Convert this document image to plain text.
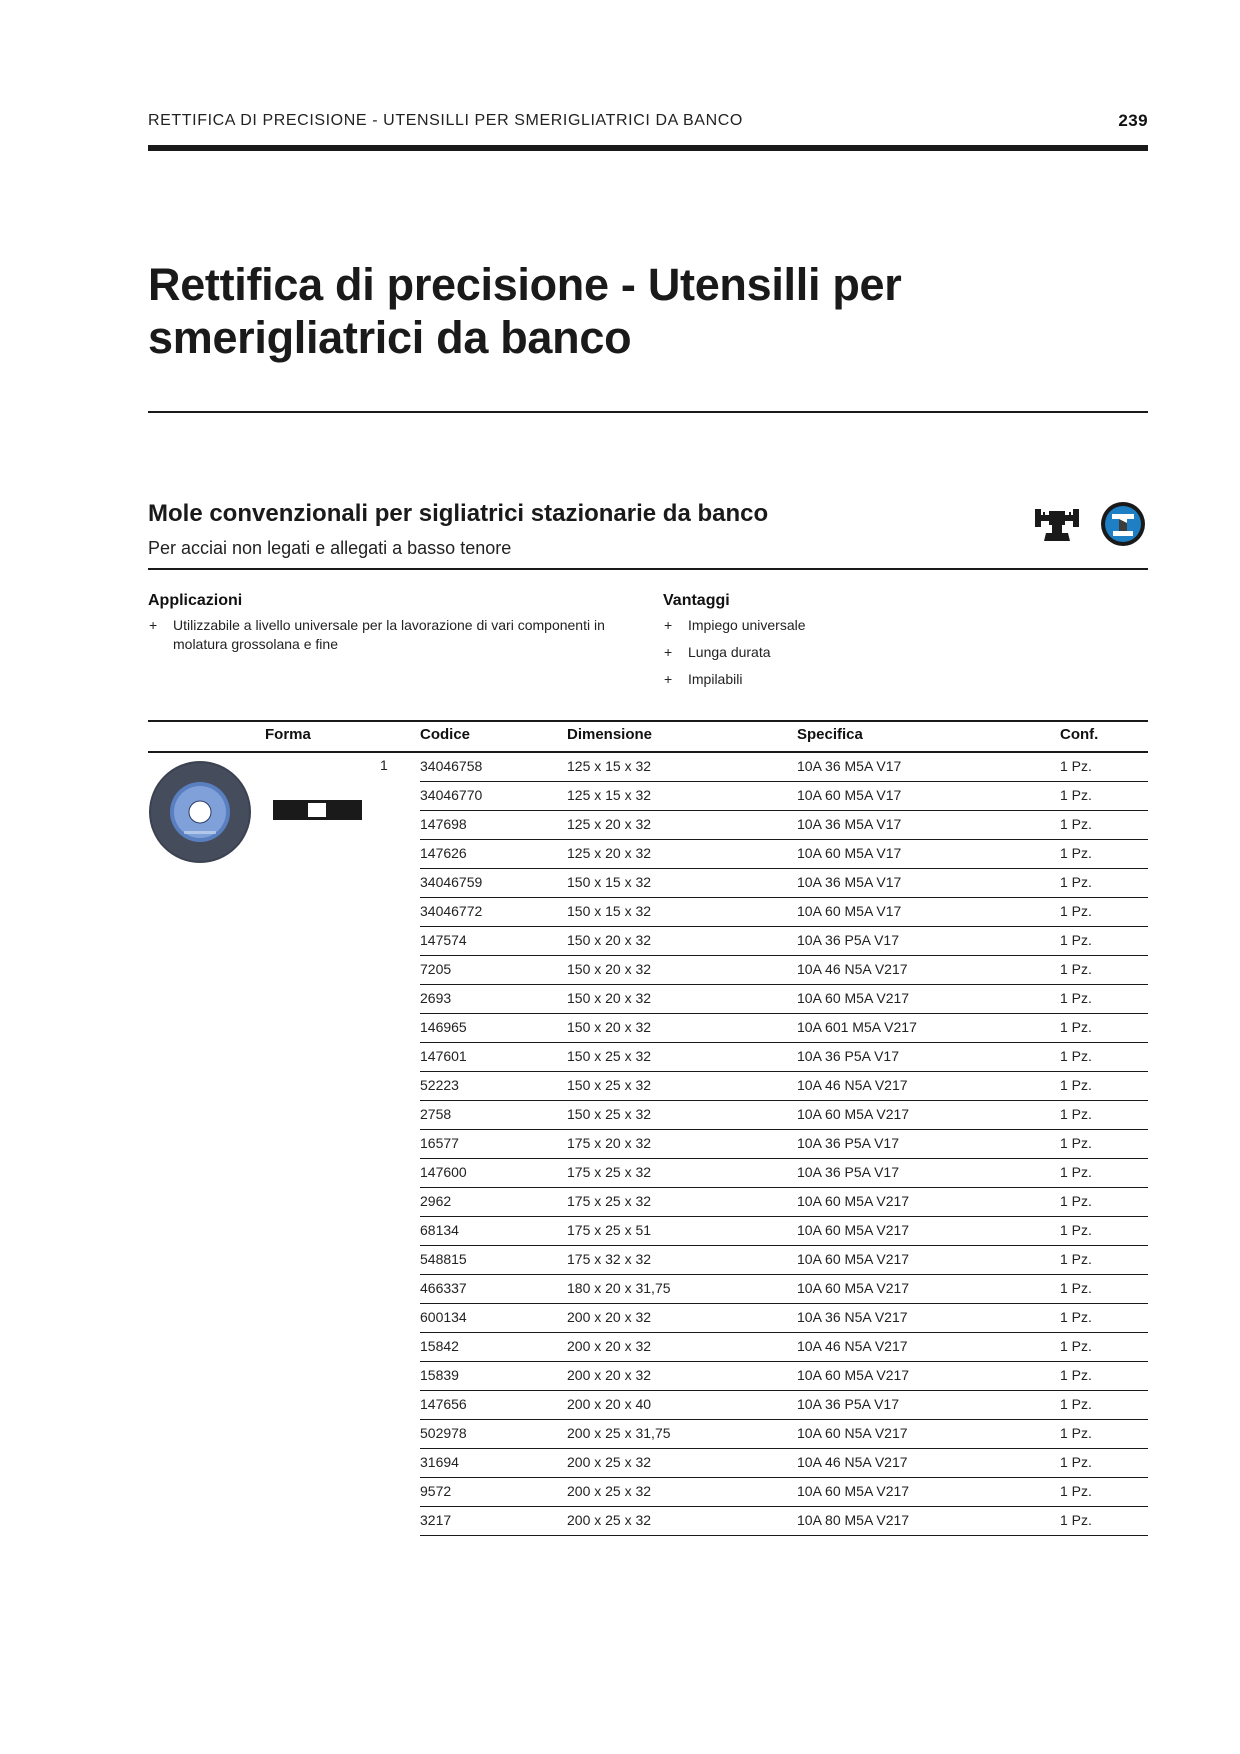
RETTIFICA DI PRECISIONE - UTENSILLI PER SMERIGLIATRICI DA BANCO	239
Rettifica di precisione - Utensilli per smerigliatrici da banco
Mole convenzionali per sigliatrici stazionarie da banco
Per acciai non legati e allegati a basso tenore
Applicazioni
+ Utilizzabile a livello universale per la lavorazione di vari componenti in molatura grossolana e fine
Vantaggi
+ Impiego universale
+ Lunga durata
+ Impilabili
Forma	Codice	Dimensione	Specifica	Conf.
1 34046758	125 x 15 x 32	10A 36 M5A V17	1 Pz.
34046770	125 x 15 x 32	10A 60 M5A V17	1 Pz.
147698	125 x 20 x 32	10A 36 M5A V17	1 Pz.
147626	125 x 20 x 32	10A 60 M5A V17	1 Pz.
34046759	150 x 15 x 32	10A 36 M5A V17	1 Pz.
34046772	150 x 15 x 32	10A 60 M5A V17	1 Pz.
147574	150 x 20 x 32	10A 36 P5A V17	1 Pz.
7205	150 x 20 x 32	10A 46 N5A V217	1 Pz.
2693	150 x 20 x 32	10A 60 M5A V217	1 Pz.
146965	150 x 20 x 32	10A 601 M5A V217	1 Pz.
147601	150 x 25 x 32	10A 36 P5A V17	1 Pz.
52223	150 x 25 x 32	10A 46 N5A V217	1 Pz.
2758	150 x 25 x 32	10A 60 M5A V217	1 Pz.
16577	175 x 20 x 32	10A 36 P5A V17	1 Pz.
147600	175 x 25 x 32	10A 36 P5A V17	1 Pz.
2962	175 x 25 x 32	10A 60 M5A V217	1 Pz.
68134	175 x 25 x 51	10A 60 M5A V217	1 Pz.
548815	175 x 32 x 32	10A 60 M5A V217	1 Pz.
466337	180 x 20 x 31,75	10A 60 M5A V217	1 Pz.
600134	200 x 20 x 32	10A 36 N5A V217	1 Pz.
15842	200 x 20 x 32	10A 46 N5A V217	1 Pz.
15839	200 x 20 x 32	10A 60 M5A V217	1 Pz.
147656	200 x 20 x 40	10A 36 P5A V17	1 Pz.
502978	200 x 25 x 31,75	10A 60 N5A V217	1 Pz.
31694	200 x 25 x 32	10A 46 N5A V217	1 Pz.
9572	200 x 25 x 32	10A 60 M5A V217	1 Pz.
3217	200 x 25 x 32	10A 80 M5A V217	1 Pz.
